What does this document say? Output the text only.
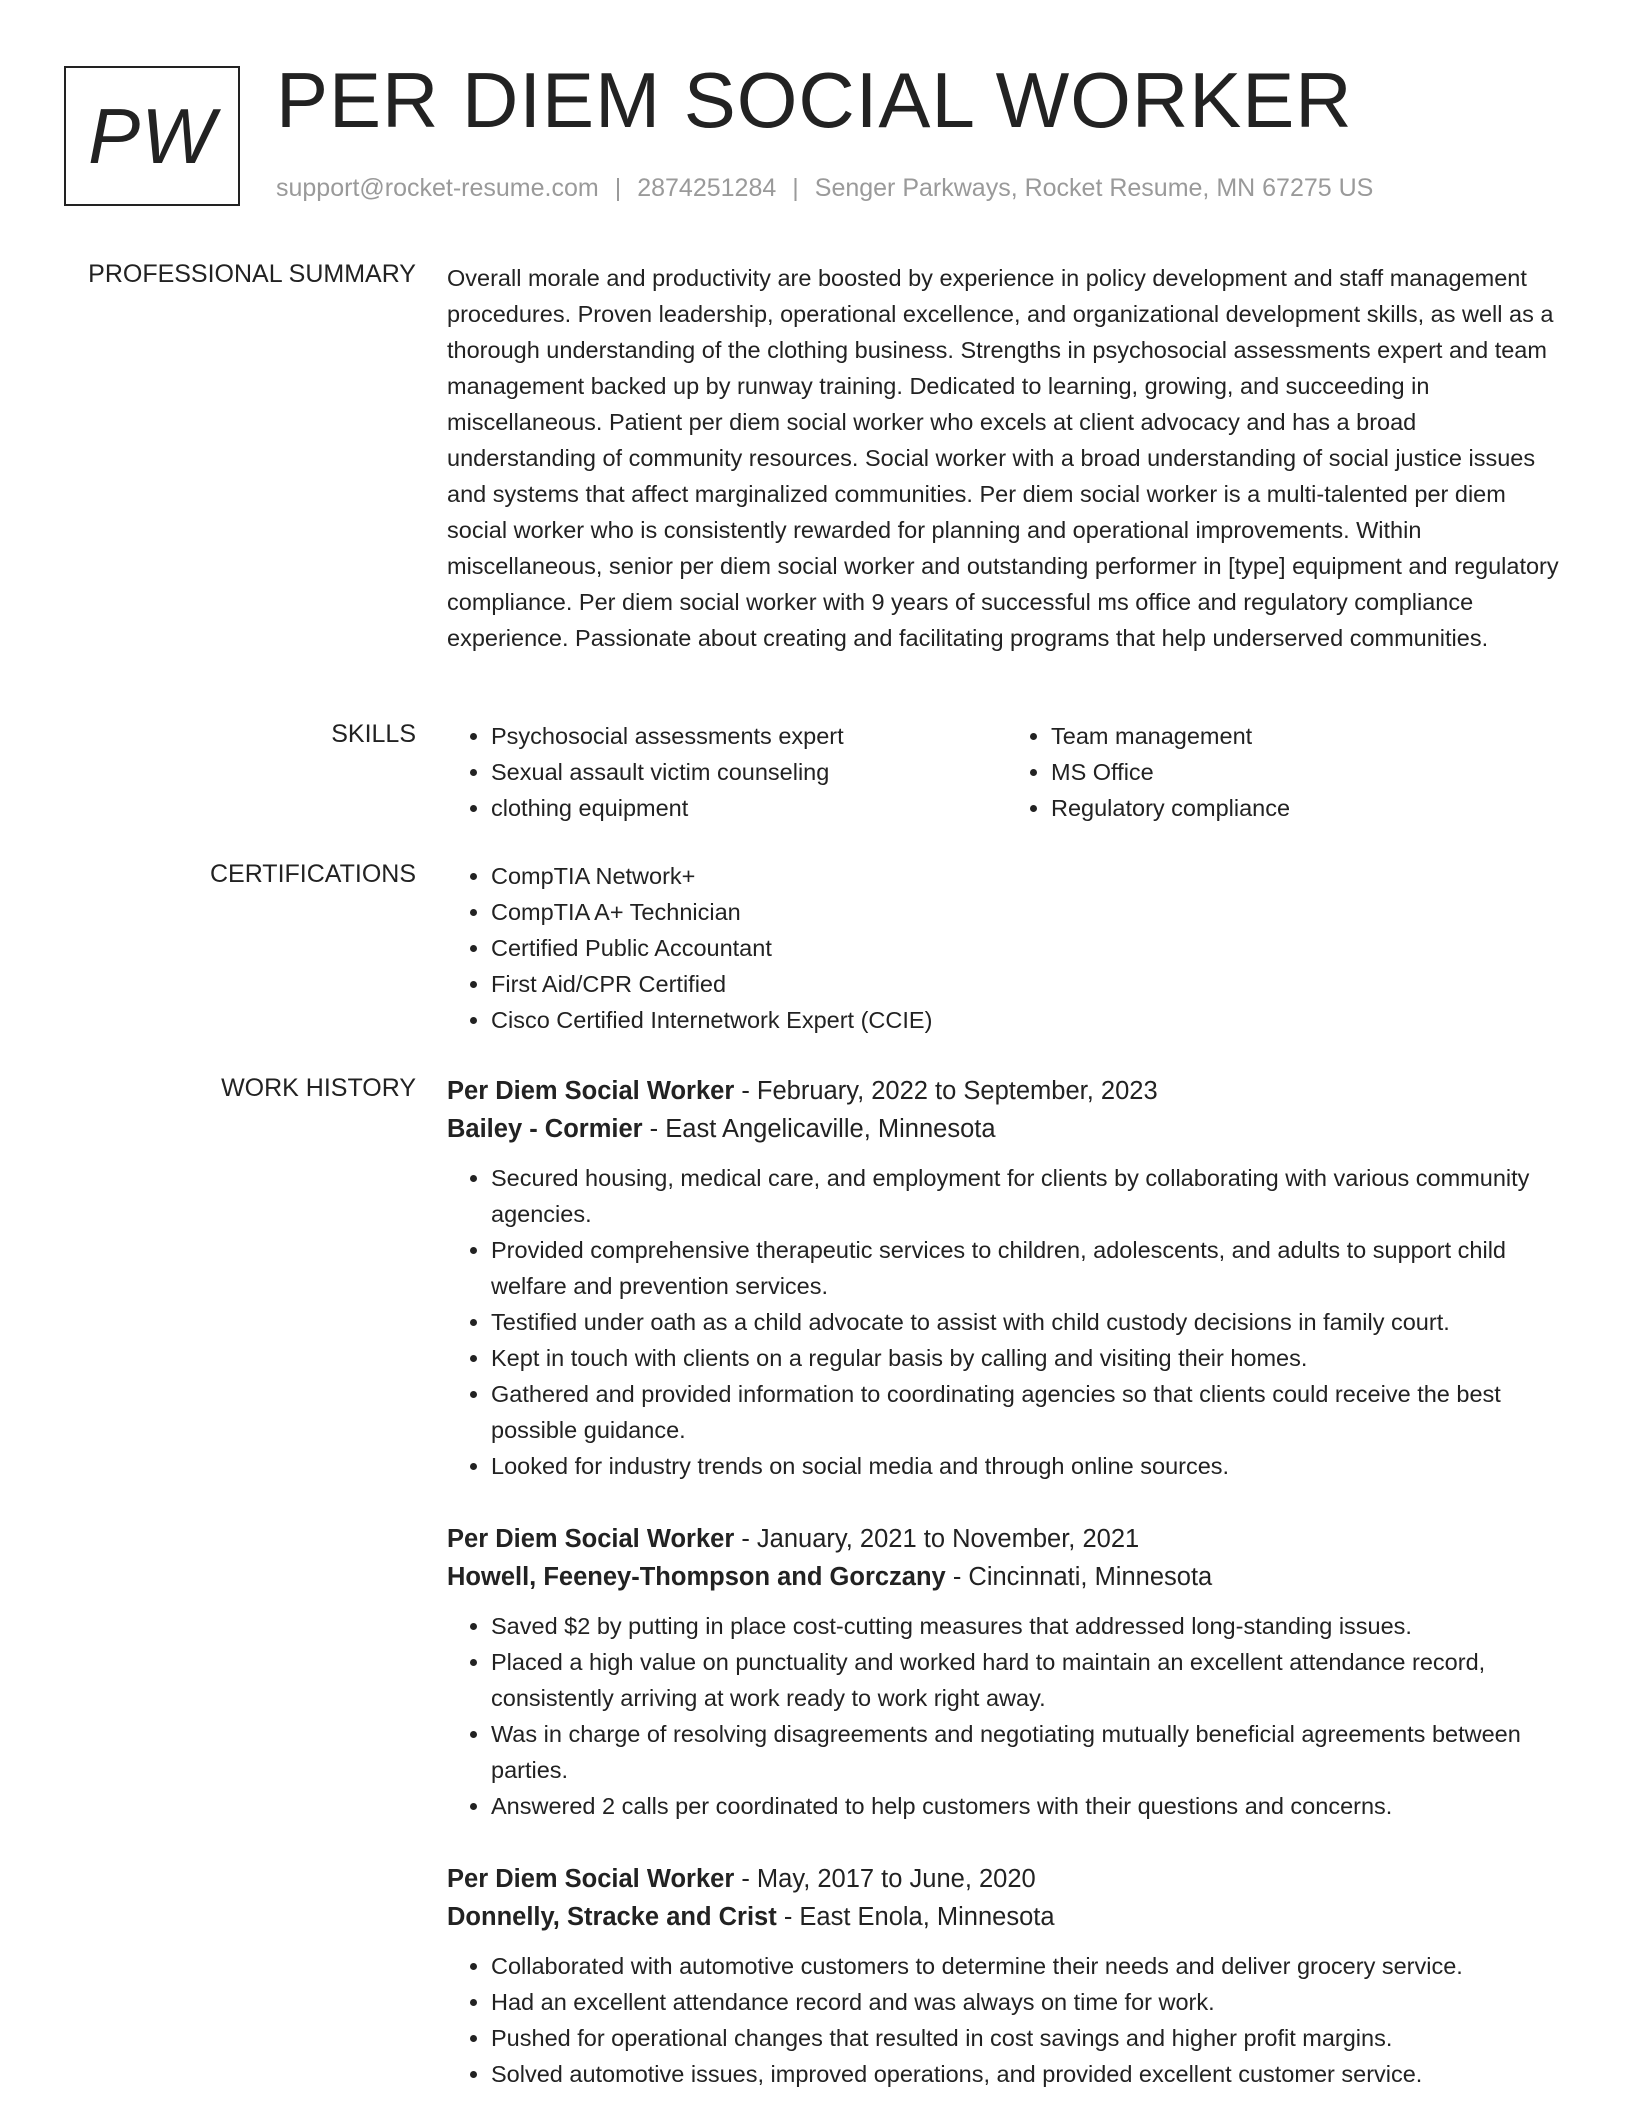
PW PER DIEM SOCIAL WORKER
support@rocket-resume.com | 2874251284 | Senger Parkways, Rocket Resume, MN 67275 US
PROFESSIONAL SUMMARY Overall morale and productivity are boosted by experience in policy development and staff management procedures. Proven leadership, operational excellence, and organizational development skills, as well as a thorough understanding of the clothing business. Strengths in psychosocial assessments expert and team management backed up by runway training. Dedicated to learning, growing, and succeeding in miscellaneous. Patient per diem social worker who excels at client advocacy and has a broad understanding of community resources. Social worker with a broad understanding of social justice issues and systems that affect marginalized communities. Per diem social worker is a multi-talented per diem social worker who is consistently rewarded for planning and operational improvements. Within miscellaneous, senior per diem social worker and outstanding performer in [type] equipment and regulatory compliance. Per diem social worker with 9 years of successful ms office and regulatory compliance experience. Passionate about creating and facilitating programs that help underserved communities.
SKILLS	• Psychosocial assessments expert
• Sexual assault victim counseling
• clothing equipment
• Team management
• MS Office
• Regulatory compliance
CERTIFICATIONS	• CompTIA Network+
• CompTIA A+ Technician
• Certified Public Accountant
• First Aid/CPR Certified
• Cisco Certified Internetwork Expert (CCIE)
WORK HISTORY Per Diem Social Worker - February, 2022 to September, 2023
Bailey - Cormier - East Angelicaville, Minnesota
• Secured housing, medical care, and employment for clients by collaborating with various community agencies.
• Provided comprehensive therapeutic services to children, adolescents, and adults to support child welfare and prevention services.
• Testified under oath as a child advocate to assist with child custody decisions in family court.
• Kept in touch with clients on a regular basis by calling and visiting their homes.
• Gathered and provided information to coordinating agencies so that clients could receive the best possible guidance.
• Looked for industry trends on social media and through online sources.
Per Diem Social Worker - January, 2021 to November, 2021
Howell, Feeney-Thompson and Gorczany - Cincinnati, Minnesota
• Saved $2 by putting in place cost-cutting measures that addressed long-standing issues.
• Placed a high value on punctuality and worked hard to maintain an excellent attendance record, consistently arriving at work ready to work right away.
• Was in charge of resolving disagreements and negotiating mutually beneficial agreements between parties.
• Answered 2 calls per coordinated to help customers with their questions and concerns.
Per Diem Social Worker - May, 2017 to June, 2020
Donnelly, Stracke and Crist - East Enola, Minnesota
• Collaborated with automotive customers to determine their needs and deliver grocery service.
• Had an excellent attendance record and was always on time for work.
• Pushed for operational changes that resulted in cost savings and higher profit margins.
• Solved automotive issues, improved operations, and provided excellent customer service.
